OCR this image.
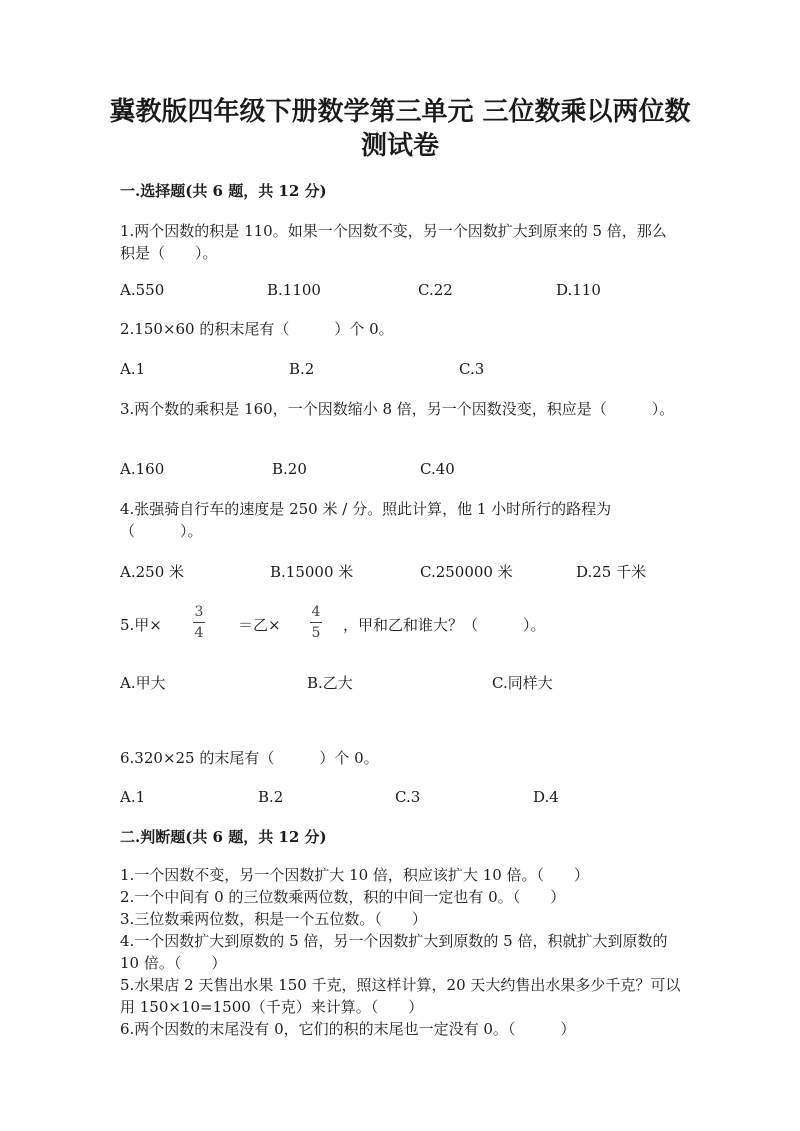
冀教版四年级下册数学第三单元 三位数乘以两位数
测试卷
一.选择题(共 6 题，共 12 分)

1.两个因数的积是 110。如果一个因数不变，另一个因数扩大到原来的 5 倍，那么积是（　　）。

A.550	B.1100	C.22	D.110

2.150×60 的积末尾有（　　　）个 0。

A.1	B.2	C.3

3.两个数的乘积是 160，一个因数缩小 8 倍，另一个因数没变，积应是（　　　）。

A.160	B.20	C.40

4.张强骑自行车的速度是 250 米 / 分。照此计算，他 1 小时所行的路程为（　　　）。

A.250 米	B.15000 米	C.250000 米	D.25 千米
5.甲×
3
4 ＝乙×
4
5 ，甲和乙和谁大？（　　　）。
A.甲大	B.乙大	C.同样大

6.320×25 的末尾有（　　　）个 0。

A.1	B.2	C.3	D.4
二.判断题(共 6 题，共 12 分)

1.一个因数不变，另一个因数扩大 10 倍，积应该扩大 10 倍。（　　）

2.一个中间有 0 的三位数乘两位数，积的中间一定也有 0。（　　）

3.三位数乘两位数，积是一个五位数。（　　）

4.一个因数扩大到原数的 5 倍，另一个因数扩大到原数的 5 倍，积就扩大到原数的 10 倍。（　　）

5.水果店 2 天售出水果 150 千克，照这样计算，20 天大约售出水果多少千克？可以用 150×10=1500（千克）来计算。（　　）

6.两个因数的末尾没有 0，它们的积的末尾也一定没有 0。（　　　）
